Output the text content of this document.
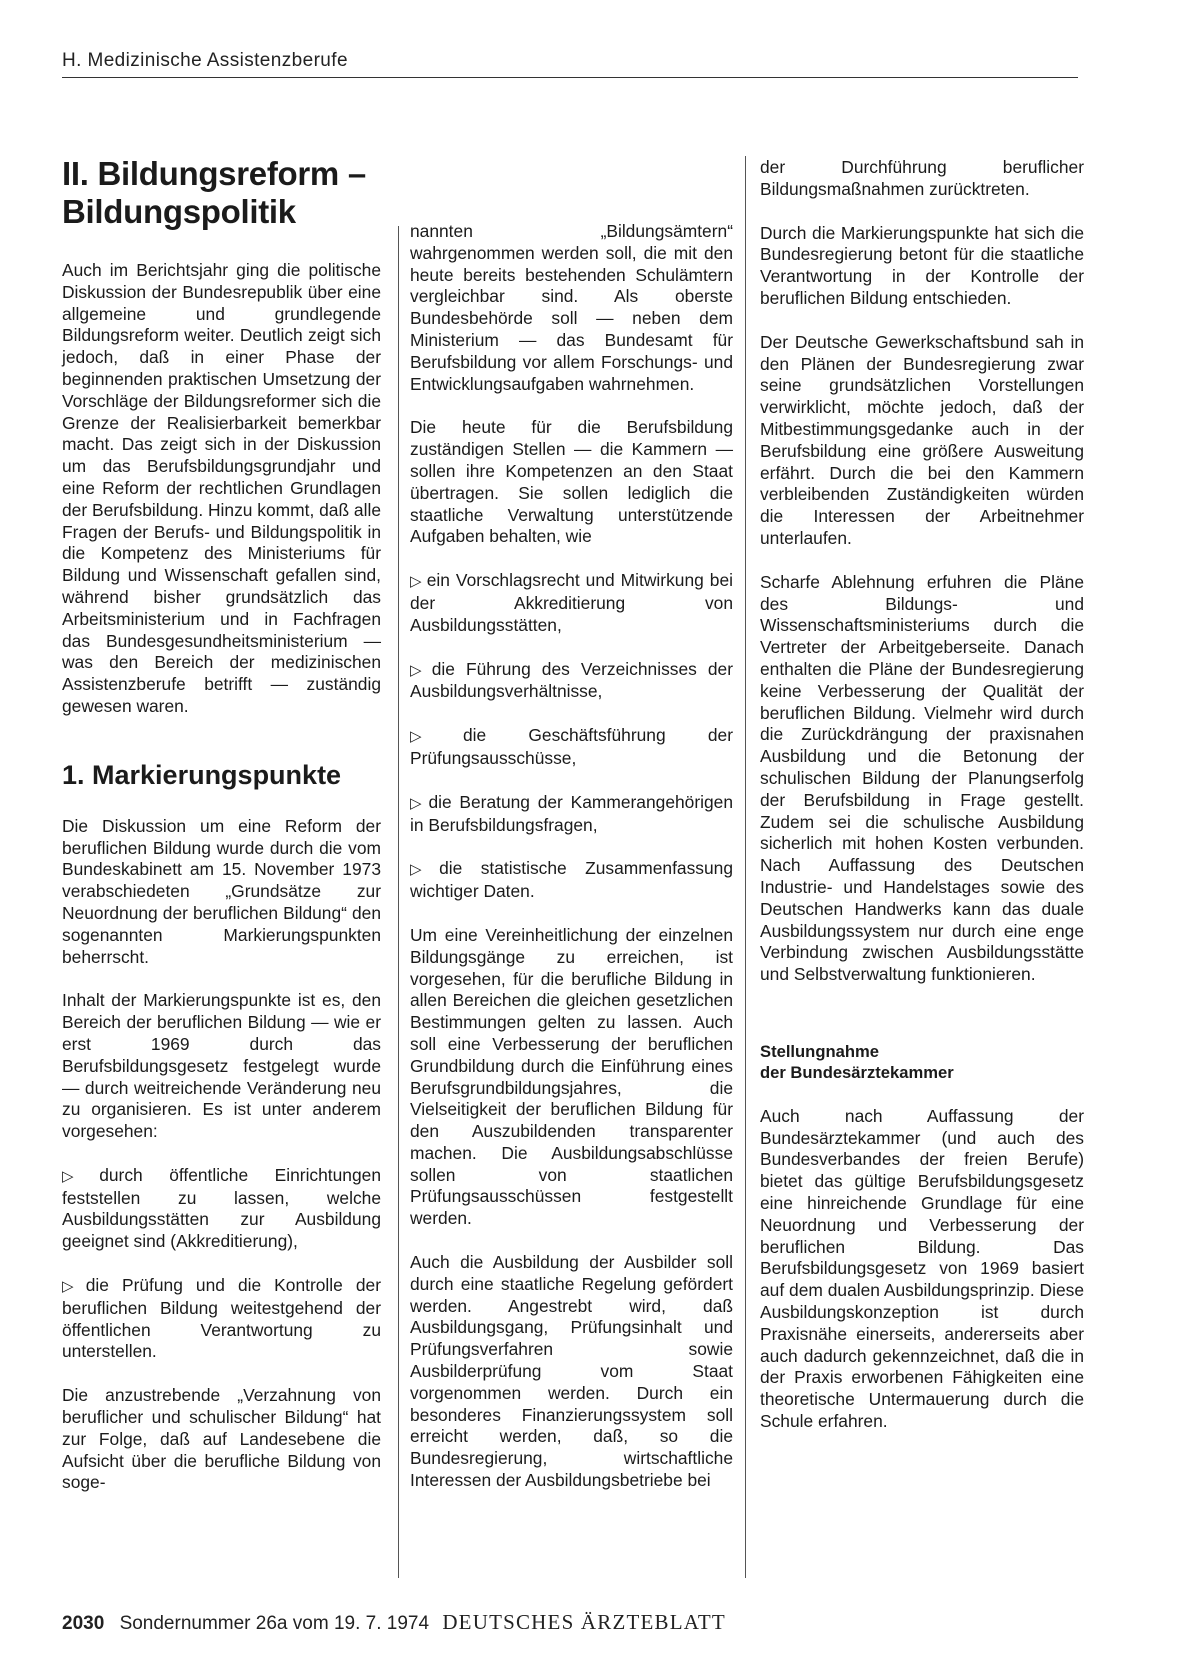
H. Medizinische Assistenzberufe
II. Bildungsreform – Bildungspolitik

Auch im Berichtsjahr ging die politische Diskussion der Bundesrepublik über eine allgemeine und grundlegende Bildungsreform weiter. Deutlich zeigt sich jedoch, daß in einer Phase der beginnenden praktischen Umsetzung der Vorschläge der Bildungsreformer sich die Grenze der Realisierbarkeit bemerkbar macht. Das zeigt sich in der Diskussion um das Berufsbildungsgrundjahr und eine Reform der rechtlichen Grundlagen der Berufsbildung. Hinzu kommt, daß alle Fragen der Berufs- und Bildungspolitik in die Kompetenz des Ministeriums für Bildung und Wissenschaft gefallen sind, während bisher grundsätzlich das Arbeitsministerium und in Fachfragen das Bundesgesundheitsministerium — was den Bereich der medizinischen Assistenzberufe betrifft — zuständig gewesen waren.

1. Markierungspunkte

Die Diskussion um eine Reform der beruflichen Bildung wurde durch die vom Bundeskabinett am 15. November 1973 verabschiedeten „Grundsätze zur Neuordnung der beruflichen Bildung“ den sogenannten Markierungspunkten beherrscht.

Inhalt der Markierungspunkte ist es, den Bereich der beruflichen Bildung — wie er erst 1969 durch das Berufsbildungsgesetz festgelegt wurde — durch weitreichende Veränderung neu zu organisieren. Es ist unter anderem vorgesehen:

▷ durch öffentliche Einrichtungen feststellen zu lassen, welche Ausbildungsstätten zur Ausbildung geeignet sind (Akkreditierung),

▷ die Prüfung und die Kontrolle der beruflichen Bildung weitestgehend der öffentlichen Verantwortung zu unterstellen.

Die anzustrebende „Verzahnung von beruflicher und schulischer Bildung“ hat zur Folge, daß auf Landesebene die Aufsicht über die berufliche Bildung von soge-

nannten „Bildungsämtern“ wahrgenommen werden soll, die mit den heute bereits bestehenden Schulämtern vergleichbar sind. Als oberste Bundesbehörde soll — neben dem Ministerium — das Bundesamt für Berufsbildung vor allem Forschungs- und Entwicklungsaufgaben wahrnehmen.

Die heute für die Berufsbildung zuständigen Stellen — die Kammern — sollen ihre Kompetenzen an den Staat übertragen. Sie sollen lediglich die staatliche Verwaltung unterstützende Aufgaben behalten, wie

▷ ein Vorschlagsrecht und Mitwirkung bei der Akkreditierung von Ausbildungsstätten,

▷ die Führung des Verzeichnisses der Ausbildungsverhältnisse,

▷ die Geschäftsführung der Prüfungsausschüsse,

▷ die Beratung der Kammerangehörigen in Berufsbildungsfragen,

▷ die statistische Zusammenfassung wichtiger Daten.

Um eine Vereinheitlichung der einzelnen Bildungsgänge zu erreichen, ist vorgesehen, für die berufliche Bildung in allen Bereichen die gleichen gesetzlichen Bestimmungen gelten zu lassen. Auch soll eine Verbesserung der beruflichen Grundbildung durch die Einführung eines Berufsgrundbildungsjahres, die Vielseitigkeit der beruflichen Bildung für den Auszubildenden transparenter machen. Die Ausbildungsabschlüsse sollen von staatlichen Prüfungsausschüssen festgestellt werden.

Auch die Ausbildung der Ausbilder soll durch eine staatliche Regelung gefördert werden. Angestrebt wird, daß Ausbildungsgang, Prüfungsinhalt und Prüfungsverfahren sowie Ausbilderprüfung vom Staat vorgenommen werden. Durch ein besonderes Finanzierungssystem soll erreicht werden, daß, so die Bundesregierung, wirtschaftliche Interessen der Ausbildungsbetriebe bei

der Durchführung beruflicher Bildungsmaßnahmen zurücktreten.

Durch die Markierungspunkte hat sich die Bundesregierung betont für die staatliche Verantwortung in der Kontrolle der beruflichen Bildung entschieden.

Der Deutsche Gewerkschaftsbund sah in den Plänen der Bundesregierung zwar seine grundsätzlichen Vorstellungen verwirklicht, möchte jedoch, daß der Mitbestimmungsgedanke auch in der Berufsbildung eine größere Ausweitung erfährt. Durch die bei den Kammern verbleibenden Zuständigkeiten würden die Interessen der Arbeitnehmer unterlaufen.

Scharfe Ablehnung erfuhren die Pläne des Bildungs- und Wissenschaftsministeriums durch die Vertreter der Arbeitgeberseite. Danach enthalten die Pläne der Bundesregierung keine Verbesserung der Qualität der beruflichen Bildung. Vielmehr wird durch die Zurückdrängung der praxisnahen Ausbildung und die Betonung der schulischen Bildung der Planungserfolg der Berufsbildung in Frage gestellt. Zudem sei die schulische Ausbildung sicherlich mit hohen Kosten verbunden. Nach Auffassung des Deutschen Industrie- und Handelstages sowie des Deutschen Handwerks kann das duale Ausbildungssystem nur durch eine enge Verbindung zwischen Ausbildungsstätte und Selbstverwaltung funktionieren.

Stellungnahme
der Bundesärztekammer

Auch nach Auffassung der Bundesärztekammer (und auch des Bundesverbandes der freien Berufe) bietet das gültige Berufsbildungsgesetz eine hinreichende Grundlage für eine Neuordnung und Verbesserung der beruflichen Bildung. Das Berufsbildungsgesetz von 1969 basiert auf dem dualen Ausbildungsprinzip. Diese Ausbildungskonzeption ist durch Praxisnähe einerseits, andererseits aber auch dadurch gekennzeichnet, daß die in der Praxis erworbenen Fähigkeiten eine theoretische Untermauerung durch die Schule erfahren.

2030 Sondernummer 26a vom 19. 7. 1974 DEUTSCHES ÄRZTEBLATT
